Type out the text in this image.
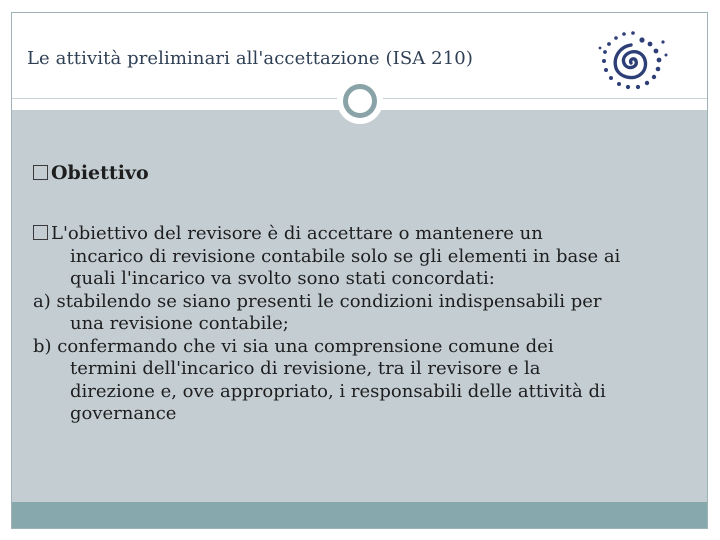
Le attività preliminari all'accettazione (ISA 210)
Obiettivo
L'obiettivo del revisore è di accettare o mantenere un
incarico di revisione contabile solo se gli elementi in base ai
quali l'incarico va svolto sono stati concordati:
a) stabilendo se siano presenti le condizioni indispensabili per
una revisione contabile;
b) confermando che vi sia una comprensione comune dei
termini dell'incarico di revisione, tra il revisore e la
direzione e, ove appropriato, i responsabili delle attività di
governance
